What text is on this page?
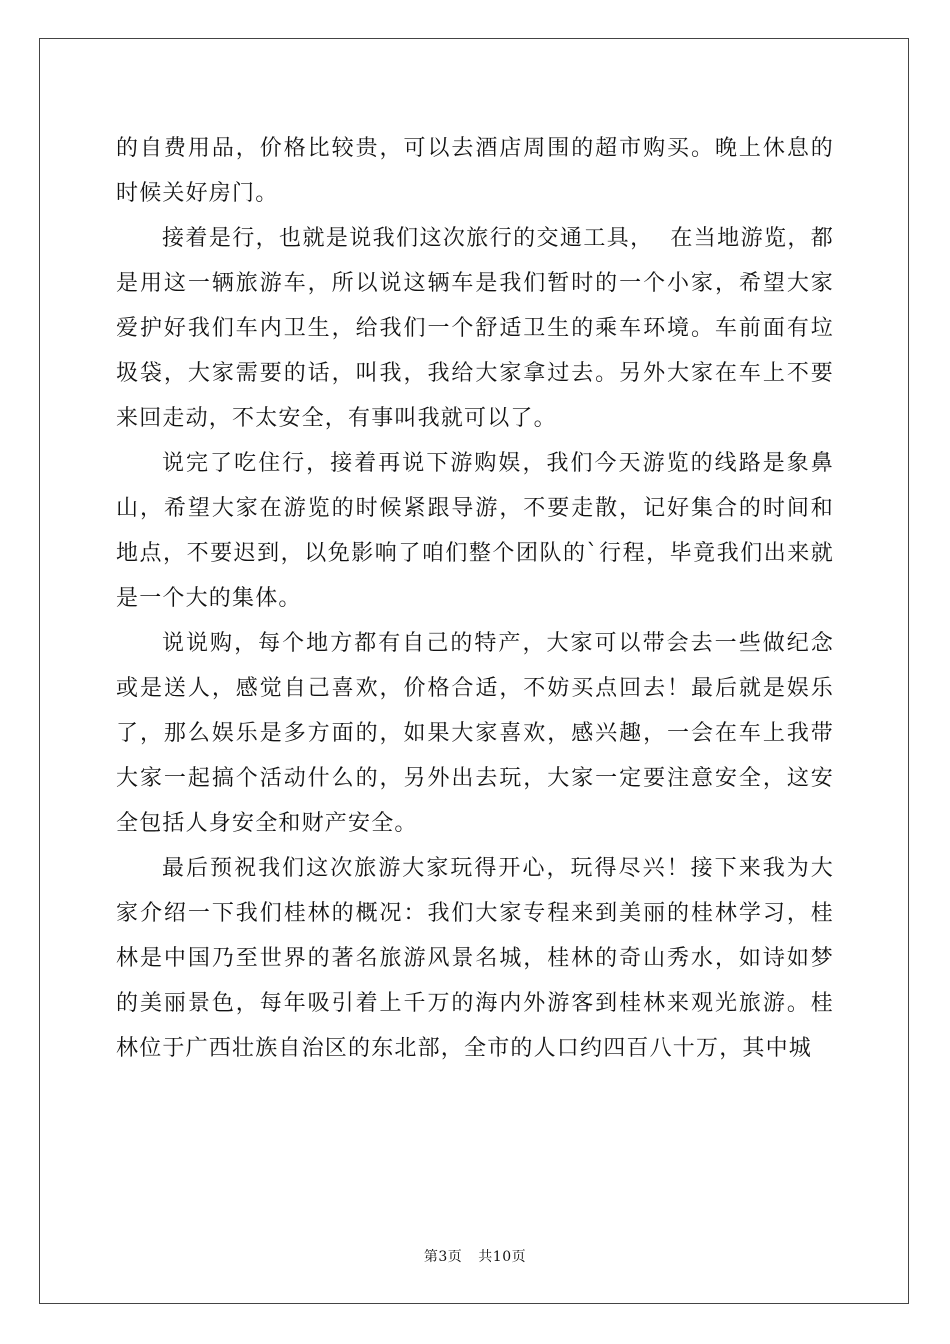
的自费用品，价格比较贵，可以去酒店周围的超市购买。晚上休息的时候关好房门。

接着是行，也就是说我们这次旅行的交通工具，  在当地游览，都是用这一辆旅游车，所以说这辆车是我们暂时的一个小家，希望大家爱护好我们车内卫生，给我们一个舒适卫生的乘车环境。车前面有垃圾袋，大家需要的话，叫我，我给大家拿过去。另外大家在车上不要来回走动，不太安全，有事叫我就可以了。

说完了吃住行，接着再说下游购娱，我们今天游览的线路是象鼻山，希望大家在游览的时候紧跟导游，不要走散，记好集合的时间和地点，不要迟到，以免影响了咱们整个团队的`行程，毕竟我们出来就是一个大的集体。

说说购，每个地方都有自己的特产，大家可以带会去一些做纪念或是送人，感觉自己喜欢，价格合适，不妨买点回去！最后就是娱乐了，那么娱乐是多方面的，如果大家喜欢，感兴趣，一会在车上我带大家一起搞个活动什么的，另外出去玩，大家一定要注意安全，这安全包括人身安全和财产安全。

最后预祝我们这次旅游大家玩得开心，玩得尽兴！接下来我为大家介绍一下我们桂林的概况：我们大家专程来到美丽的桂林学习，桂林是中国乃至世界的著名旅游风景名城，桂林的奇山秀水，如诗如梦的美丽景色，每年吸引着上千万的海内外游客到桂林来观光旅游。桂林位于广西壮族自治区的东北部，全市的人口约四百八十万，其中城

第3页 共10页
